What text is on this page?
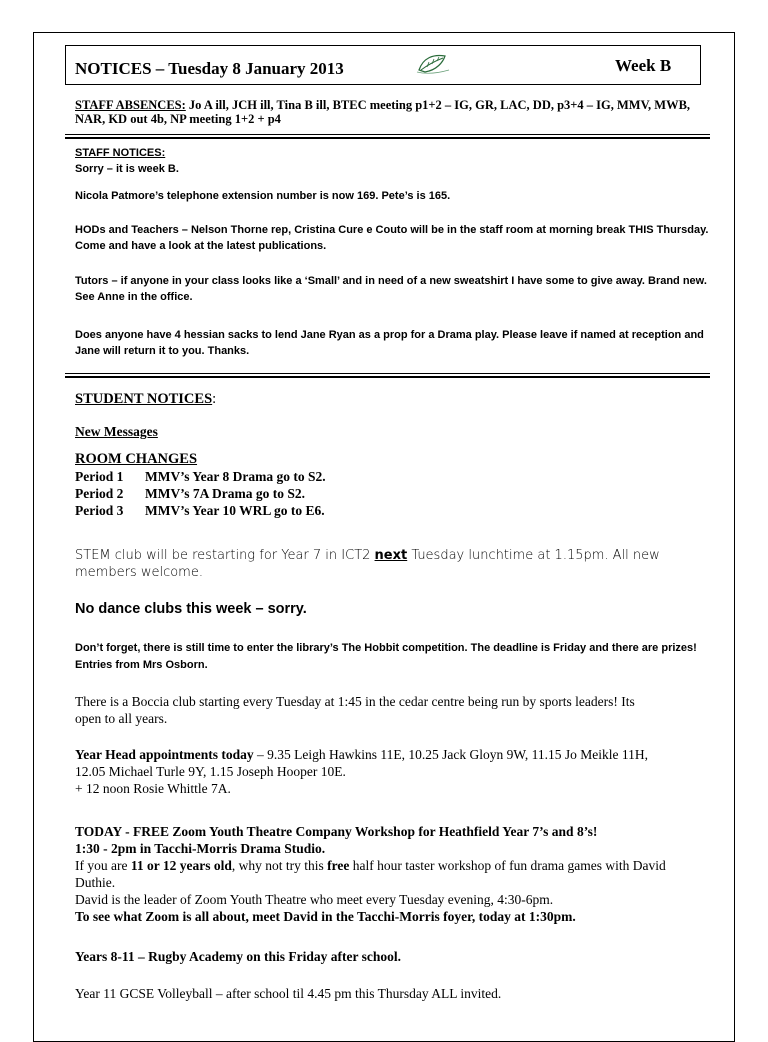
NOTICES – Tuesday 8 January 2013	Week B
STAFF ABSENCES: Jo A ill, JCH ill, Tina B ill, BTEC meeting p1+2 – IG, GR, LAC, DD, p3+4 – IG, MMV, MWB, NAR, KD out 4b, NP meeting 1+2 + p4

STAFF NOTICES:

Sorry – it is week B.

Nicola Patmore’s telephone extension number is now 169. Pete’s is 165.

HODs and Teachers – Nelson Thorne rep, Cristina Cure e Couto will be in the staff room at morning break THIS Thursday. Come and have a look at the latest publications.

Tutors – if anyone in your class looks like a ‘Small’ and in need of a new sweatshirt I have some to give away. Brand new. See Anne in the office.

Does anyone have 4 hessian sacks to lend Jane Ryan as a prop for a Drama play. Please leave if named at reception and Jane will return it to you. Thanks.

STUDENT NOTICES:
New Messages

ROOM CHANGES

Period 1 MMV’s Year 8 Drama go to S2.

Period 2 MMV’s 7A Drama go to S2.

Period 3 MMV’s Year 10 WRL go to E6.

STEM club will be restarting for Year 7 in ICT2 next Tuesday lunchtime at 1.15pm. All new members welcome.
No dance clubs this week – sorry.
Don’t forget, there is still time to enter the library’s The Hobbit competition. The deadline is Friday and there are prizes! Entries from Mrs Osborn.
There is a Boccia club starting every Tuesday at 1:45 in the cedar centre being run by sports leaders! Its open to all years.

Year Head appointments today – 9.35 Leigh Hawkins 11E, 10.25 Jack Gloyn 9W, 11.15 Jo Meikle 11H, 12.05 Michael Turle 9Y, 1.15 Joseph Hooper 10E.

+ 12 noon Rosie Whittle 7A.

TODAY - FREE Zoom Youth Theatre Company Workshop for Heathfield Year 7’s and 8’s!

1:30 - 2pm in Tacchi-Morris Drama Studio.

If you are 11 or 12 years old, why not try this free half hour taster workshop of fun drama games with David Duthie.

David is the leader of Zoom Youth Theatre who meet every Tuesday evening, 4:30-6pm.

To see what Zoom is all about, meet David in the Tacchi-Morris foyer, today at 1:30pm.

Years 8-11 – Rugby Academy on this Friday after school.
Year 11 GCSE Volleyball – after school til 4.45 pm this Thursday ALL invited.
